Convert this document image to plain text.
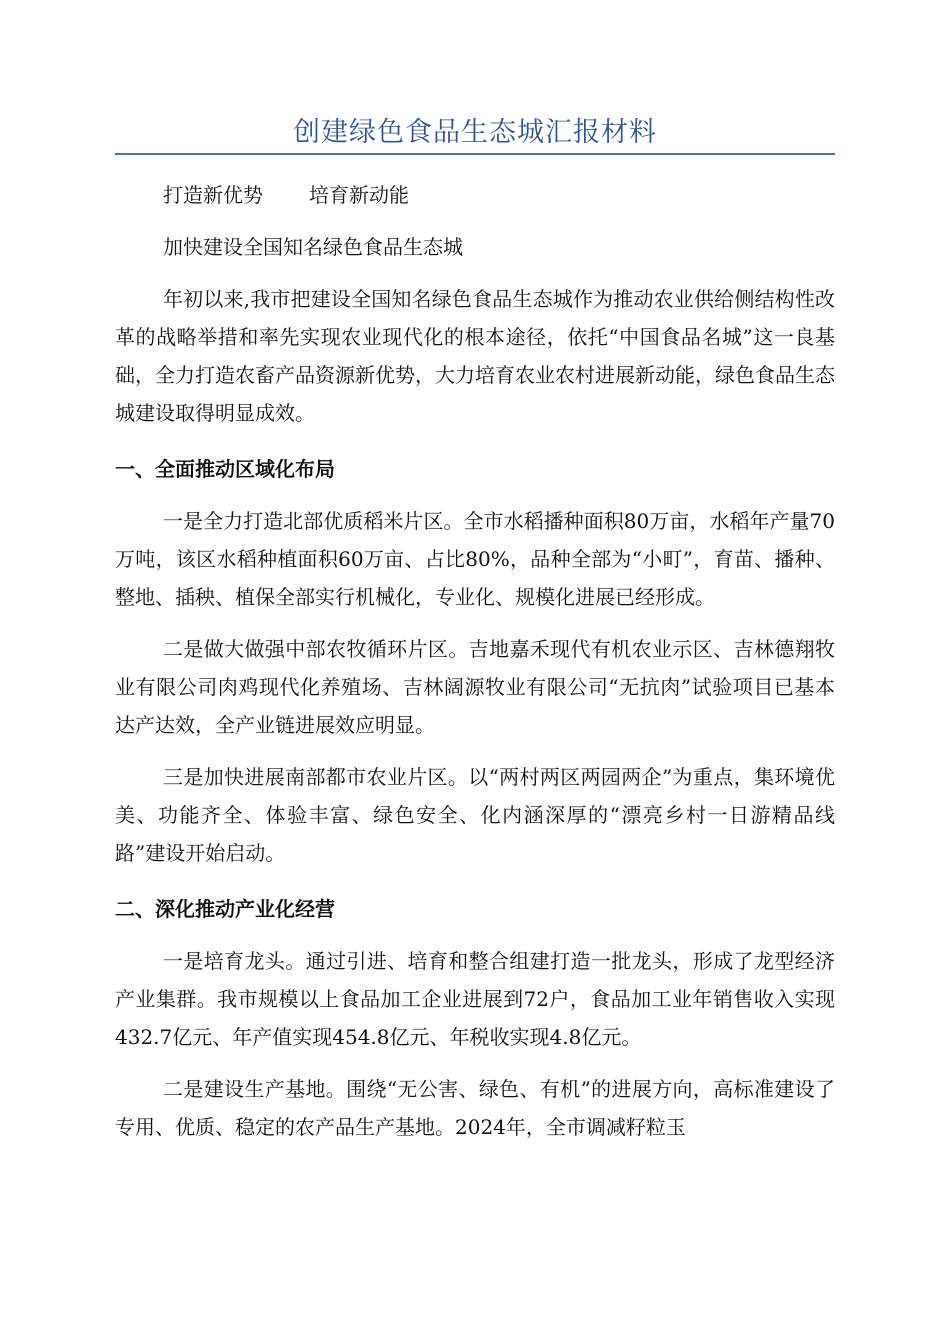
创建绿色食品生态城汇报材料

打造新优势 培育新动能

加快建设全国知名绿色食品生态城

年初以来,我市把建设全国知名绿色食品生态城作为推动农业供给侧结构性改革的战略举措和率先实现农业现代化的根本途径，依托“中国食品名城”这一良基础，全力打造农畜产品资源新优势，大力培育农业农村进展新动能，绿色食品生态城建设取得明显成效。

一、全面推动区域化布局

一是全力打造北部优质稻米片区。全市水稻播种面积80万亩，水稻年产量70万吨，该区水稻种植面积60万亩、占比80%，品种全部为“小町”，育苗、播种、整地、插秧、植保全部实行机械化，专业化、规模化进展已经形成。

二是做大做强中部农牧循环片区。吉地嘉禾现代有机农业示区、吉林德翔牧业有限公司肉鸡现代化养殖场、吉林阔源牧业有限公司“无抗肉”试验项目已基本达产达效，全产业链进展效应明显。

三是加快进展南部都市农业片区。以“两村两区两园两企”为重点，集环境优美、功能齐全、体验丰富、绿色安全、化内涵深厚的“漂亮乡村一日游精品线路”建设开始启动。

二、深化推动产业化经营

一是培育龙头。通过引进、培育和整合组建打造一批龙头，形成了龙型经济产业集群。我市规模以上食品加工企业进展到72户，食品加工业年销售收入实现432.7亿元、年产值实现454.8亿元、年税收实现4.8亿元。

二是建设生产基地。围绕“无公害、绿色、有机”的进展方向，高标准建设了专用、优质、稳定的农产品生产基地。2024年，全市调减籽粒玉
